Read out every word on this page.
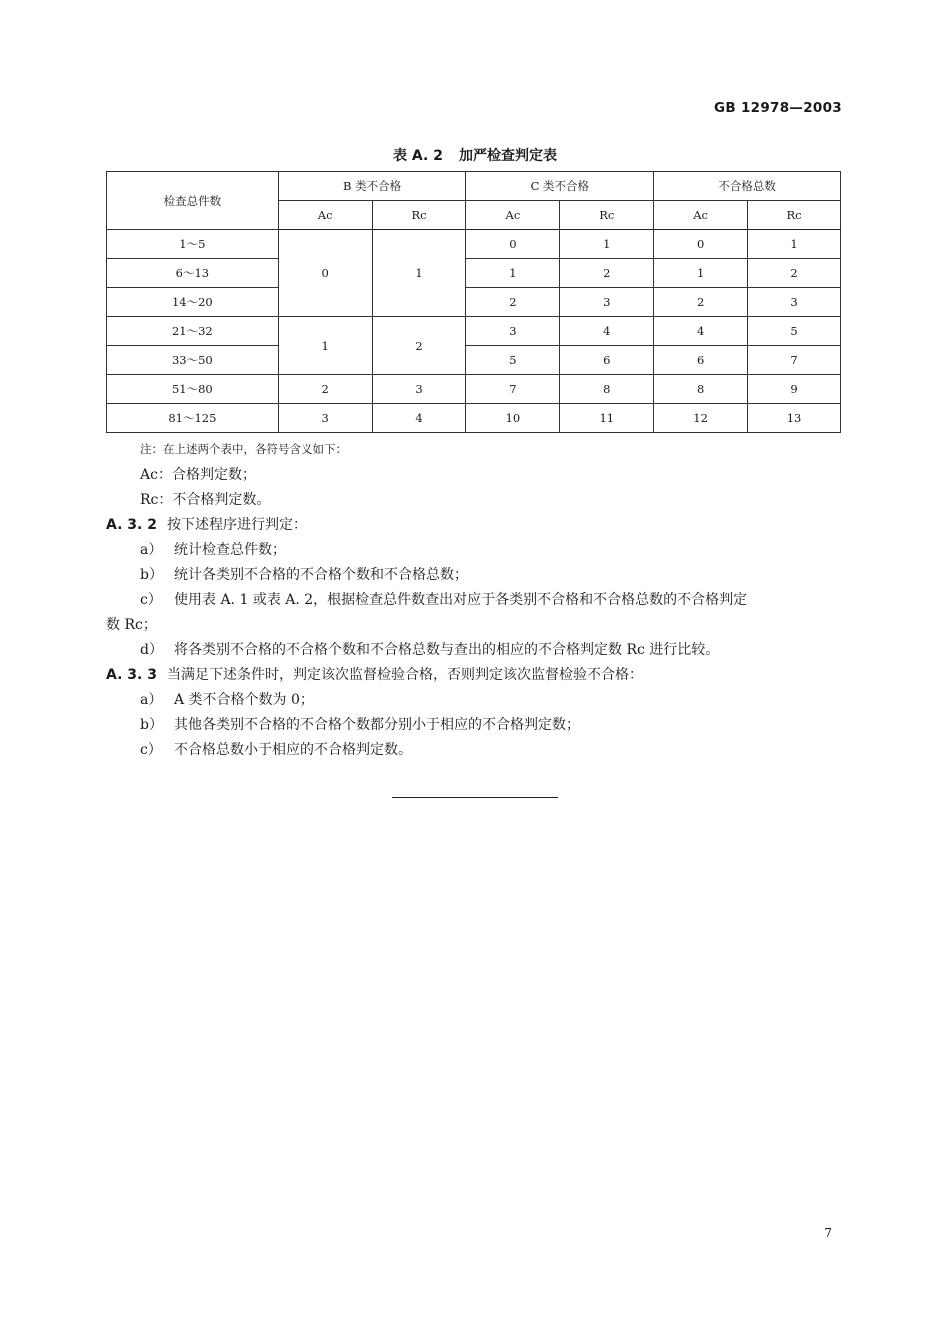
GB 12978—2003
表 A. 2 加严检查判定表
检查总件数	B 类不合格		C 类不合格		不合格总数	
	Ac	Rc	Ac	Rc	Ac	Rc
1～5	0	1	0	1	0	1
6～13			1	2	1	2
14～20			2	3	2	3
21～32	1	2	3	4	4	5
33～50			5	6	6	7
51～80	2	3	7	8	8	9
81～125	3	4	10	11	12	13
注：在上述两个表中，各符号含义如下：
Ac：合格判定数；
Rc：不合格判定数。
A. 3. 2 按下述程序进行判定：
a） 统计检查总件数；
b） 统计各类别不合格的不合格个数和不合格总数；
c） 使用表 A. 1 或表 A. 2，根据检查总件数查出对应于各类别不合格和不合格总数的不合格判定
数 Rc；
d） 将各类别不合格的不合格个数和不合格总数与查出的相应的不合格判定数 Rc 进行比较。
A. 3. 3 当满足下述条件时，判定该次监督检验合格，否则判定该次监督检验不合格：
a） A 类不合格个数为 0；
b） 其他各类别不合格的不合格个数都分别小于相应的不合格判定数；
c） 不合格总数小于相应的不合格判定数。
7
